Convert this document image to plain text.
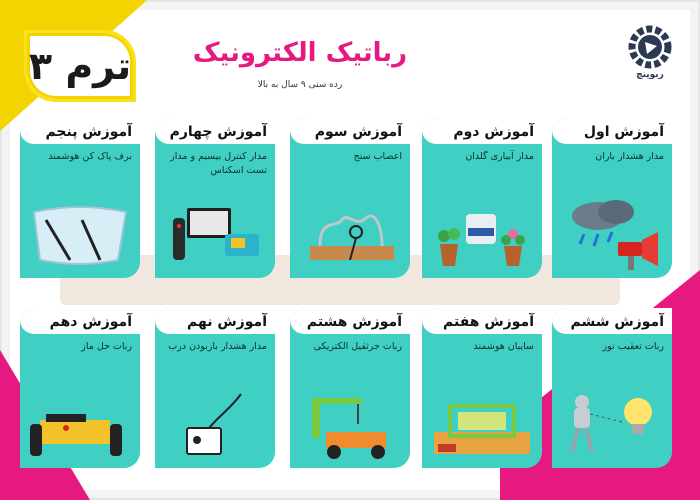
ترم ۳	رباتیک الکترونیک
رده سنی ۹ سال به بالا
ربوپنچ
آموزش اول
مدار هشدار باران
آموزش دوم
مدار آبیاری گلدان
آموزش سوم
اعصاب سنج
آموزش چهارم
مدار کنترل بیسیم و مدار تست اسکناس
آموزش پنجم
برف پاک کن هوشمند
آموزش ششم
ربات تعقیب نور
آموزش هفتم
سایبان هوشمند
آموزش هشتم
ربات جرثقیل الکتریکی
آموزش نهم
مدار هشدار بازبودن درب
آموزش دهم
ربات حل ماز
